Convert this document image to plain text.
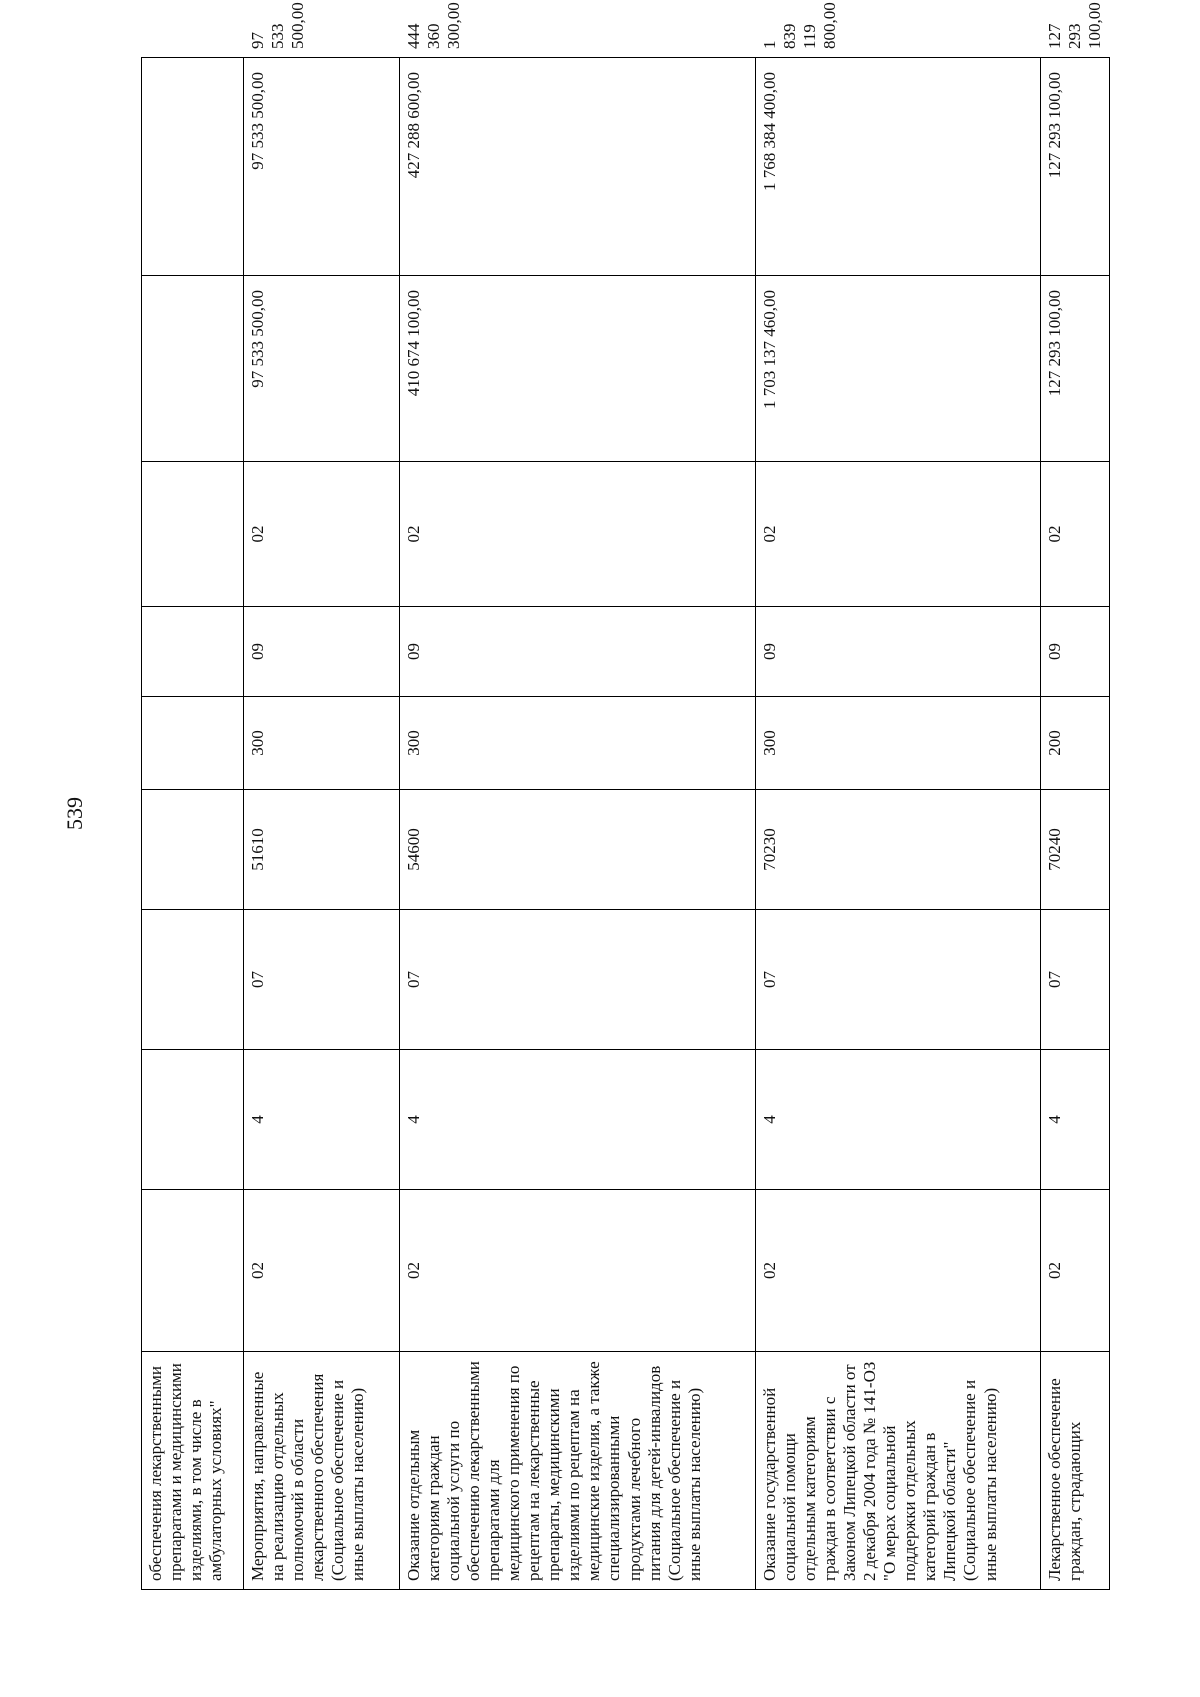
539
обеспечения лекарственными препаратами и медицинскими изделиями, в том числе в амбулаторных условиях"										
Мероприятия, направленные на реализацию отдельных полномочий в области лекарственного обеспечения (Социальное обеспечение и иные выплаты населению)	02	4	07	51610	300	09	02	97 533 500,00	97 533 500,00	97 533 500,00
Оказание отдельным категориям граждан социальной услуги по обеспечению лекарственными препаратами для медицинского применения по рецептам на лекарственные препараты, медицинскими изделиями по рецептам на медицинские изделия, а также специализированными продуктами лечебного питания для детей-инвалидов (Социальное обеспечение и иные выплаты населению)	02	4	07	54600	300	09	02	410 674 100,00	427 288 600,00	444 360 300,00
Оказание государственной социальной помощи отдельным категориям граждан в соответствии с Законом Липецкой области от 2 декабря 2004 года № 141-ОЗ "О мерах социальной поддержки отдельных категорий граждан в Липецкой области" (Социальное обеспечение и иные выплаты населению)	02	4	07	70230	300	09	02	1 703 137 460,00	1 768 384 400,00	1 839 119 800,00
Лекарственное обеспечение граждан, страдающих	02	4	07	70240	200	09	02	127 293 100,00	127 293 100,00	127 293 100,00
